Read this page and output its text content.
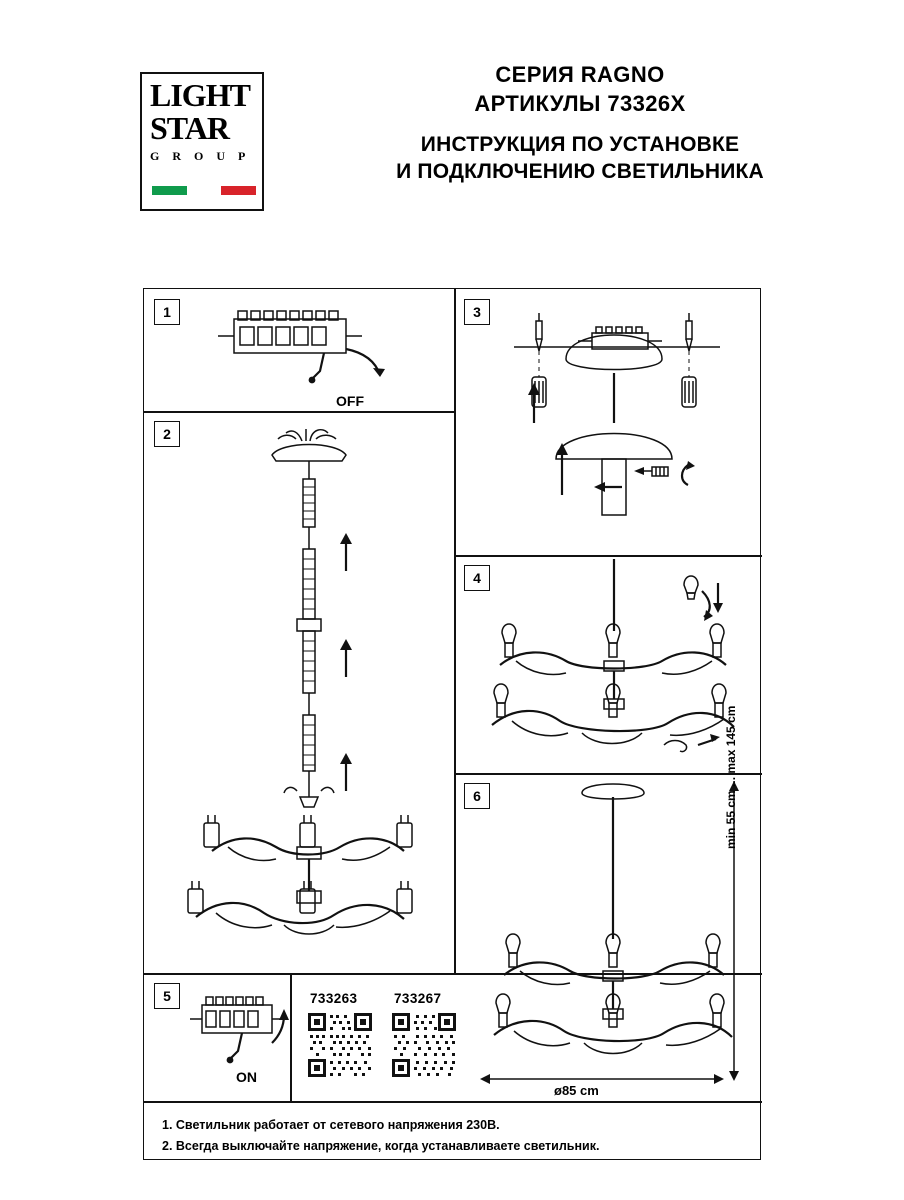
LIGHT
STAR
G R O U P
СЕРИЯ RAGNO
АРТИКУЛЫ 73326X
ИНСТРУКЦИЯ ПО УСТАНОВКЕ
И ПОДКЛЮЧЕНИЮ СВЕТИЛЬНИКА
1
OFF
2
3
4
5
ON
733263	733267
6	min 55 cm ... max 145 cm
ø85 cm
1. Светильник работает от сетевого напряжения 230В.
2. Всегда выключайте напряжение, когда устанавливаете светильник.
